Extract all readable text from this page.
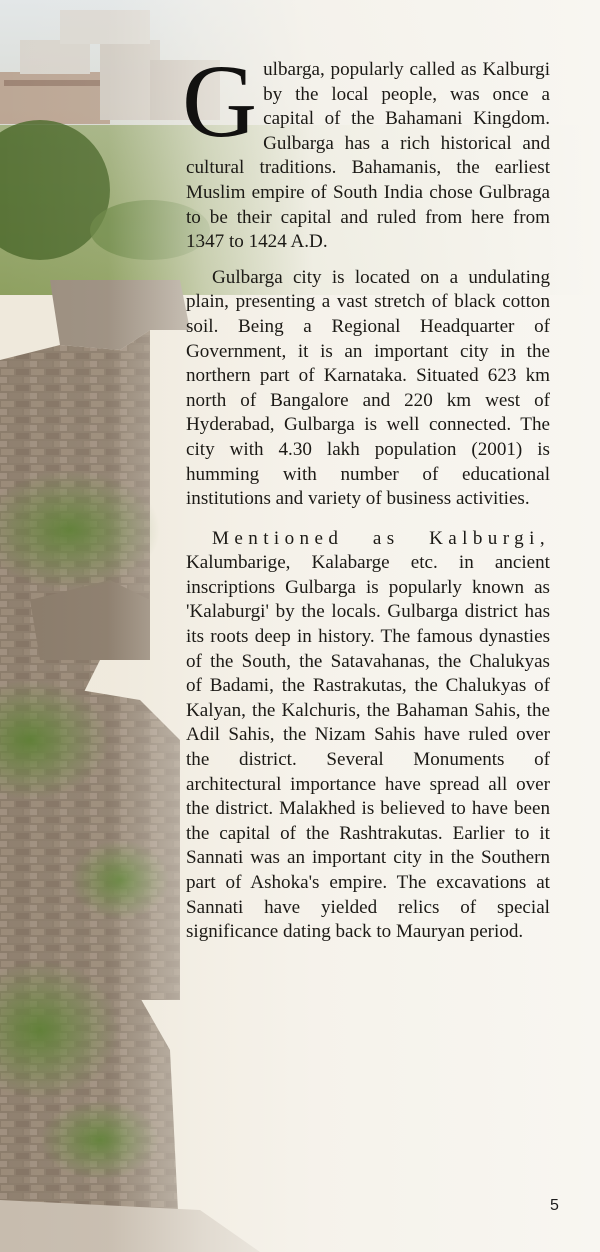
Gulbarga, popularly called as Kalburgi by the local people, was once a capital of the Bahamani Kingdom. Gulbarga has a rich historical and cultural traditions. Bahamanis, the earliest Muslim empire of South India chose Gulbraga to be their capital and ruled from here from 1347 to 1424 A.D.

Gulbarga city is located on a undulating plain, presenting a vast stretch of black cotton soil. Being a Regional Headquarter of Government, it is an important city in the northern part of Karnataka. Situated 623 km north of Bangalore and 220 km west of Hyderabad, Gulbarga is well connected. The city with 4.30 lakh population (2001) is humming with number of educational institutions and variety of business activities.

Mentioned as Kalburgi, Kalumbarige, Kalabarge etc. in ancient inscriptions Gulbarga is popularly known as 'Kalaburgi' by the locals. Gulbarga district has its roots deep in history. The famous dynasties of the South, the Satavahanas, the Chalukyas of Badami, the Rastrakutas, the Chalukyas of Kalyan, the Kalchuris, the Bahaman Sahis, the Adil Sahis, the Nizam Sahis have ruled over the district. Several Monuments of architectural importance have spread all over the district. Malakhed is believed to have been the capital of the Rashtrakutas. Earlier to it Sannati was an important city in the Southern part of Ashoka's empire. The excavations at Sannati have yielded relics of special significance dating back to Mauryan period.

5
